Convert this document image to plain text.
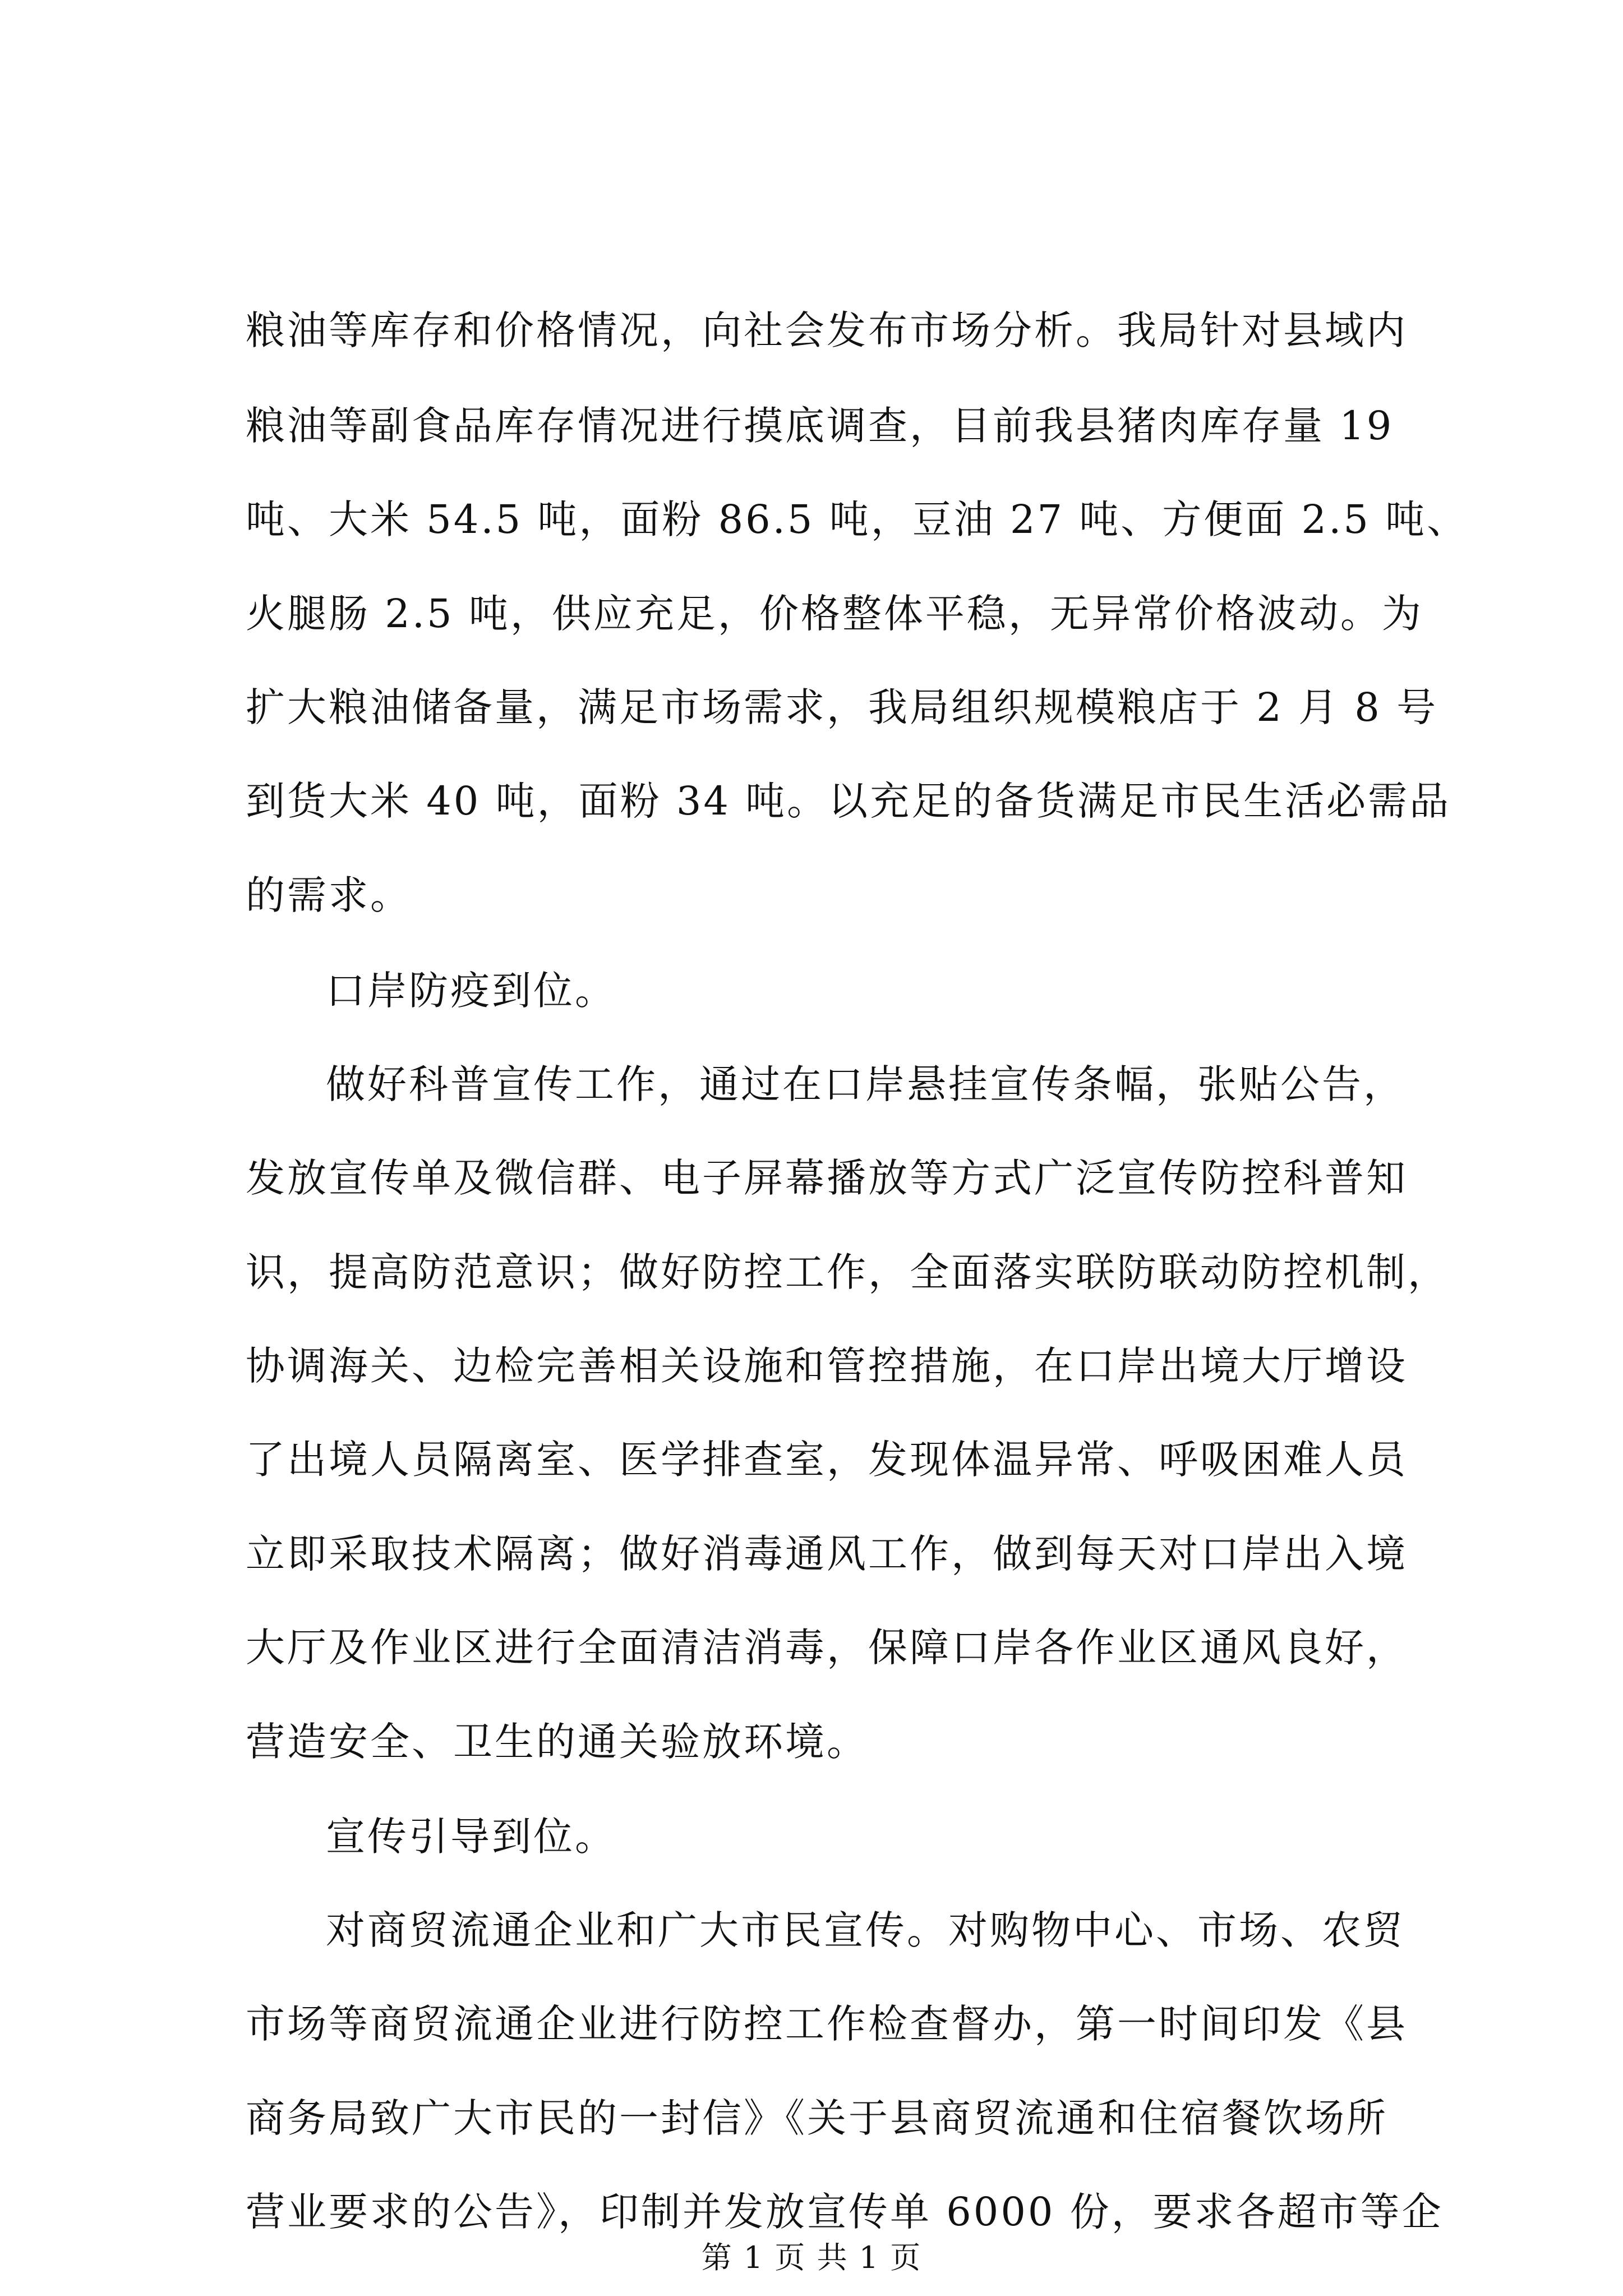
粮油等库存和价格情况，向社会发布市场分析。我局针对县域内
粮油等副食品库存情况进行摸底调查，目前我县猪肉库存量 19
吨、大米 54.5 吨，面粉 86.5 吨，豆油 27 吨、方便面 2.5 吨、
火腿肠 2.5 吨，供应充足，价格整体平稳，无异常价格波动。为
扩大粮油储备量，满足市场需求，我局组织规模粮店于 2 月 8 号
到货大米 40 吨，面粉 34 吨。以充足的备货满足市民生活必需品
的需求。
口岸防疫到位。
做好科普宣传工作，通过在口岸悬挂宣传条幅，张贴公告，
发放宣传单及微信群、电子屏幕播放等方式广泛宣传防控科普知
识，提高防范意识；做好防控工作，全面落实联防联动防控机制，
协调海关、边检完善相关设施和管控措施，在口岸出境大厅增设
了出境人员隔离室、医学排查室，发现体温异常、呼吸困难人员
立即采取技术隔离；做好消毒通风工作，做到每天对口岸出入境
大厅及作业区进行全面清洁消毒，保障口岸各作业区通风良好，
营造安全、卫生的通关验放环境。
宣传引导到位。
对商贸流通企业和广大市民宣传。对购物中心、市场、农贸
市场等商贸流通企业进行防控工作检查督办，第一时间印发《县
商务局致广大市民的一封信》《关于县商贸流通和住宿餐饮场所
营业要求的公告》，印制并发放宣传单 6000 份，要求各超市等企
第 1 页 共 1 页
